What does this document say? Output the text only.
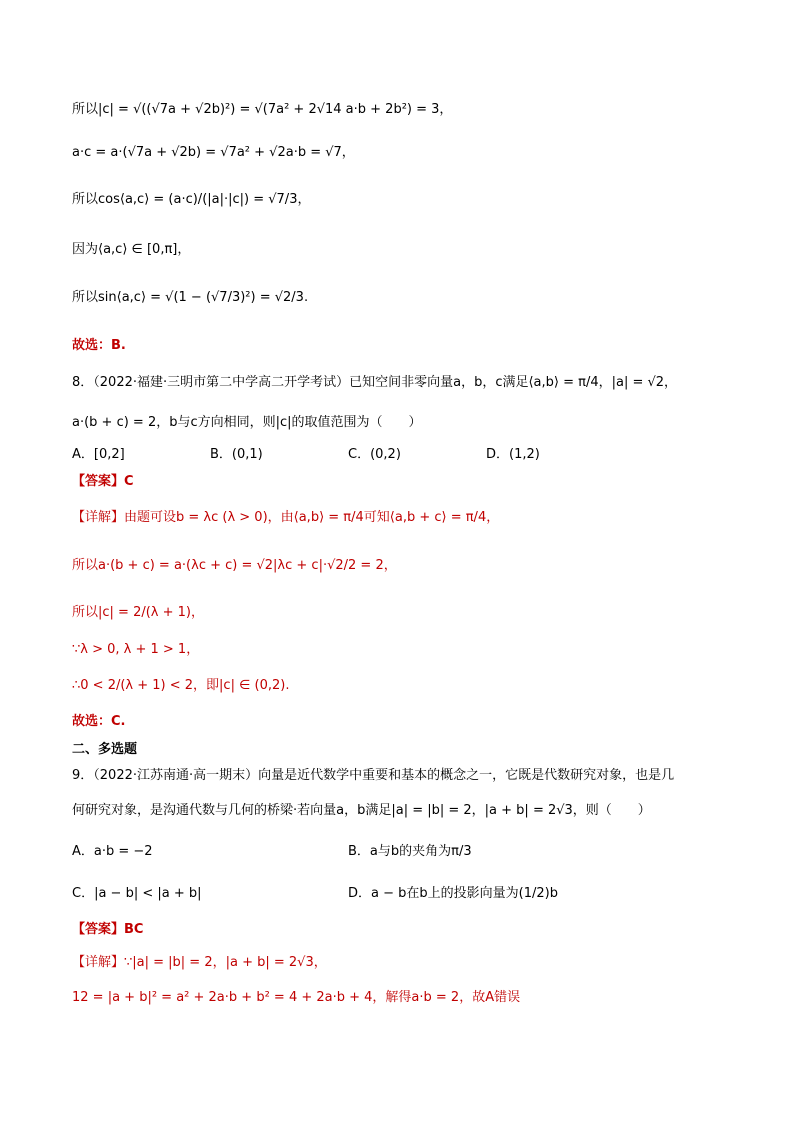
所以|c| = √((√7a + √2b)²) = √(7a² + 2√14 a·b + 2b²) = 3，
a·c = a·(√7a + √2b) = √7a² + √2a·b = √7，
所以cos⟨a,c⟩ = (a·c)/(|a|·|c|) = √7/3，
因为⟨a,c⟩ ∈ [0,π]，
所以sin⟨a,c⟩ = √(1 − (√7/3)²) = √2/3.
故选：B.
8．（2022·福建·三明市第二中学高二开学考试）已知空间非零向量a，b，c满足⟨a,b⟩ = π/4，|a| = √2，
a·(b + c) = 2，b与c方向相同，则|c|的取值范围为（　　）
A．[0,2]	B．(0,1)	C．(0,2)	D．(1,2)
【答案】C
【详解】由题可设b = λc (λ > 0)，由⟨a,b⟩ = π/4可知⟨a,b + c⟩ = π/4，
所以a·(b + c) = a·(λc + c) = √2|λc + c|·√2/2 = 2，
所以|c| = 2/(λ + 1)，
∵λ > 0, λ + 1 > 1，
∴0 < 2/(λ + 1) < 2，即|c| ∈ (0,2).
故选：C.
二、多选题
9．（2022·江苏南通·高一期末）向量是近代数学中重要和基本的概念之一，它既是代数研究对象，也是几
何研究对象，是沟通代数与几何的桥梁·若向量a，b满足|a| = |b| = 2，|a + b| = 2√3，则（　　）
A．a·b = −2	B．a与b的夹角为π/3
C．|a − b| < |a + b|	D．a − b在b上的投影向量为(1/2)b
【答案】BC
【详解】∵|a| = |b| = 2，|a + b| = 2√3，
12 = |a + b|² = a² + 2a·b + b² = 4 + 2a·b + 4，解得a·b = 2，故A错误
